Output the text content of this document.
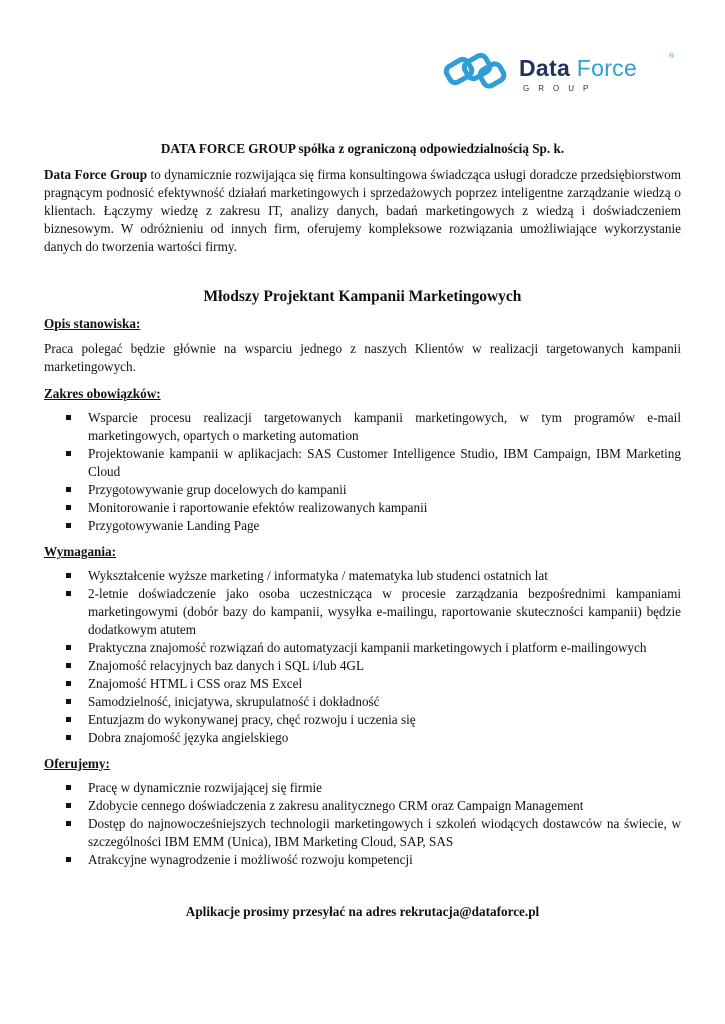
Data Force	®
GROUP

DATA FORCE GROUP spółka z ograniczoną odpowiedzialnością Sp. k.

Data Force Group to dynamicznie rozwijająca się firma konsultingowa świadcząca usługi doradcze przedsiębiorstwom pragnącym podnosić efektywność działań marketingowych i sprzedażowych poprzez inteligentne zarządzanie wiedzą o klientach. Łączymy wiedzę z zakresu IT, analizy danych, badań marketingowych z wiedzą i doświadczeniem biznesowym. W odróżnieniu od innych firm, oferujemy kompleksowe rozwiązania umożliwiające wykorzystanie danych do tworzenia wartości firmy.

Młodszy Projektant Kampanii Marketingowych

Opis stanowiska:

Praca polegać będzie głównie na wsparciu jednego z naszych Klientów w realizacji targetowanych kampanii marketingowych.

Zakres obowiązków:

Wsparcie procesu realizacji targetowanych kampanii marketingowych, w tym programów e-mail marketingowych, opartych o marketing automation
Projektowanie kampanii w aplikacjach: SAS Customer Intelligence Studio, IBM Campaign, IBM Marketing Cloud
Przygotowywanie grup docelowych do kampanii
Monitorowanie i raportowanie efektów realizowanych kampanii
Przygotowywanie Landing Page

Wymagania:

Wykształcenie wyższe marketing / informatyka / matematyka lub studenci ostatnich lat
2-letnie doświadczenie jako osoba uczestnicząca w procesie zarządzania bezpośrednimi kampaniami marketingowymi (dobór bazy do kampanii, wysyłka e-mailingu, raportowanie skuteczności kampanii) będzie dodatkowym atutem
Praktyczna znajomość rozwiązań do automatyzacji kampanii marketingowych i platform e-mailingowych
Znajomość relacyjnych baz danych i SQL i/lub 4GL
Znajomość HTML i CSS oraz MS Excel
Samodzielność, inicjatywa, skrupulatność i dokładność
Entuzjazm do wykonywanej pracy, chęć rozwoju i uczenia się
Dobra znajomość języka angielskiego

Oferujemy:

Pracę w dynamicznie rozwijającej się firmie
Zdobycie cennego doświadczenia z zakresu analitycznego CRM oraz Campaign Management
Dostęp do najnowocześniejszych technologii marketingowych i szkoleń wiodących dostawców na świecie, w szczególności IBM EMM (Unica), IBM Marketing Cloud, SAP, SAS
Atrakcyjne wynagrodzenie i możliwość rozwoju kompetencji

Aplikacje prosimy przesyłać na adres rekrutacja@dataforce.pl
